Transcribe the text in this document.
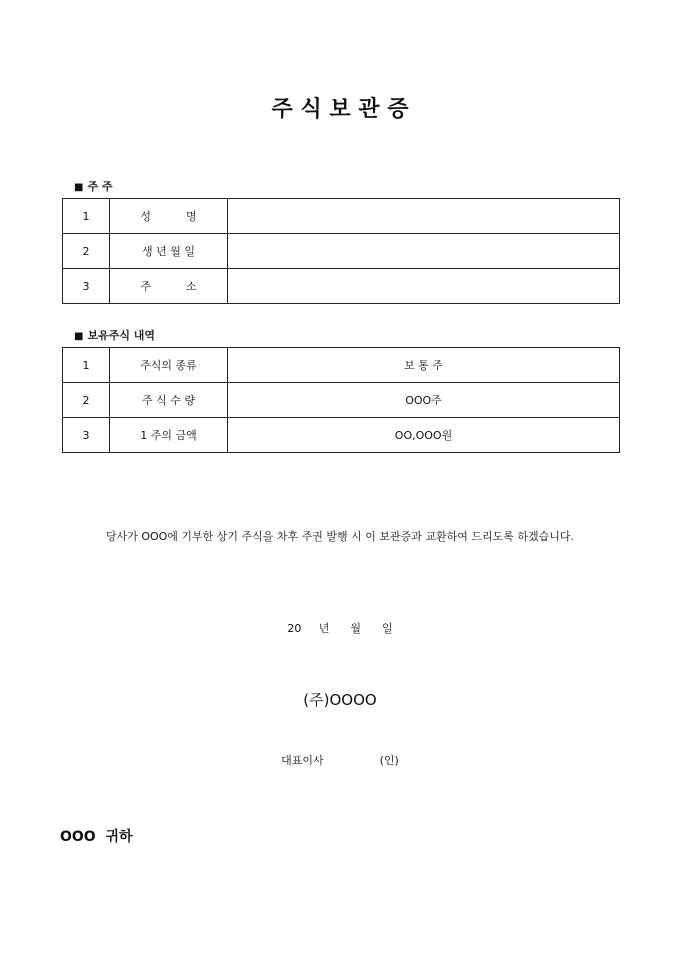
주 식 보 관 증
■ 주 주
1	성          명	
2	생 년 월 일	
3	주          소	
■ 보유주식 내역
1	주식의 종류	보 통 주
2	주 식 수 량	OOO주
3	1 주의 금액	OO,OOO원
당사가 OOO에 기부한 상기 주식을 차후 주권 발행 시 이 보관증과 교환하여 드리도록 하겠습니다.
20     년      월      일
(주)OOOO
대표이사	(인)
OOO  귀하
